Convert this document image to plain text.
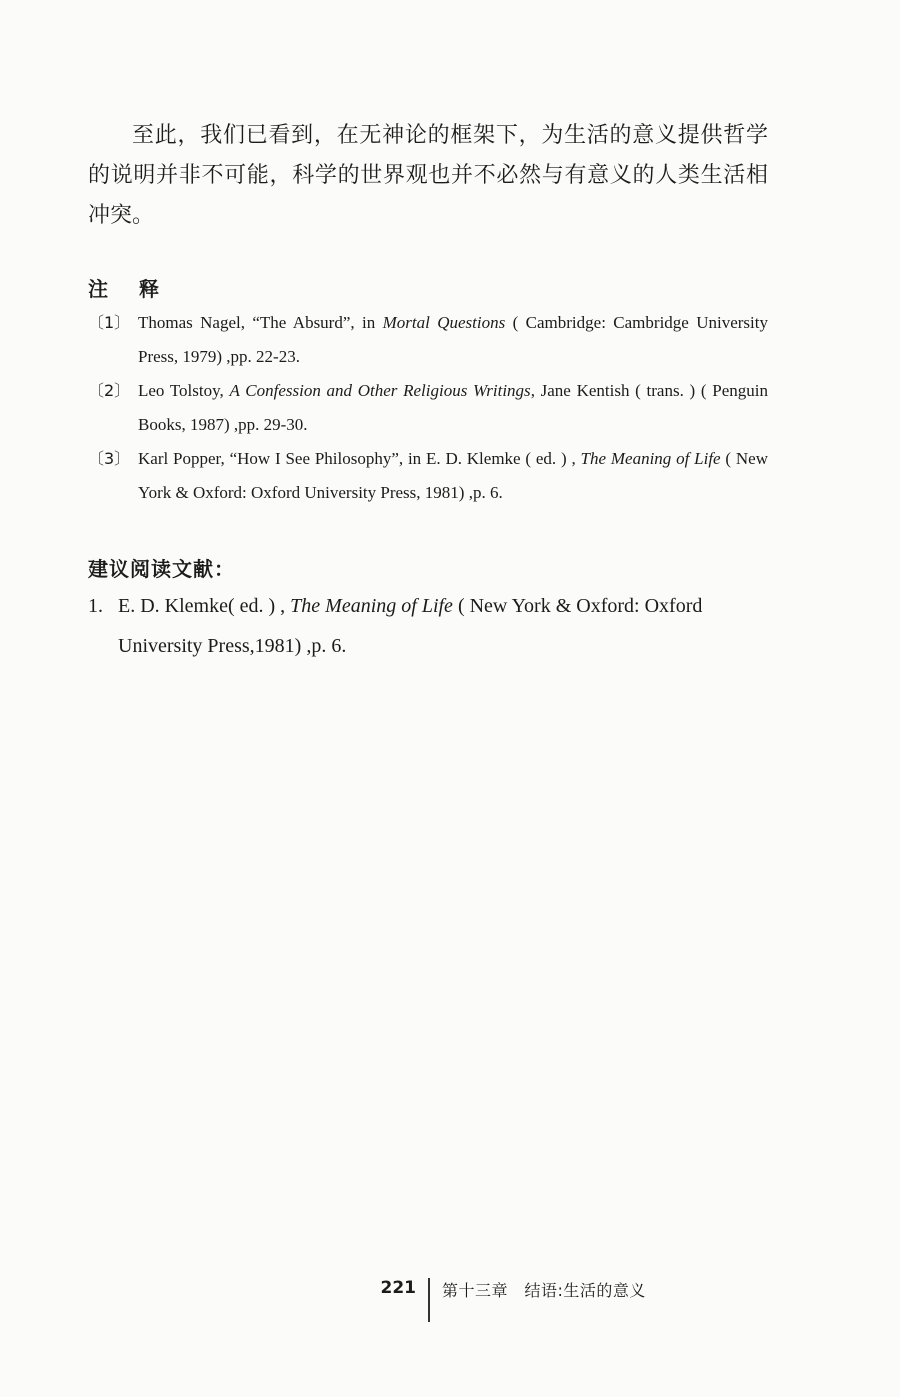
至此，我们已看到，在无神论的框架下，为生活的意义提供哲学的说明并非不可能，科学的世界观也并不必然与有意义的人类生活相冲突。

注 释
〔1〕 Thomas Nagel, “The Absurd”, in Mortal Questions ( Cambridge: Cambridge University Press, 1979) ,pp. 22-23.
〔2〕 Leo Tolstoy, A Confession and Other Religious Writings, Jane Kentish ( trans. ) ( Penguin Books, 1987) ,pp. 29-30.
〔3〕 Karl Popper, “How I See Philosophy”, in E. D. Klemke ( ed. ) , The Meaning of Life ( New York & Oxford: Oxford University Press, 1981) ,p. 6.
建议阅读文献：
1. E. D. Klemke( ed. ) , The Meaning of Life ( New York & Oxford: Oxford University Press,1981) ,p. 6.
221 第十三章　结语:生活的意义
